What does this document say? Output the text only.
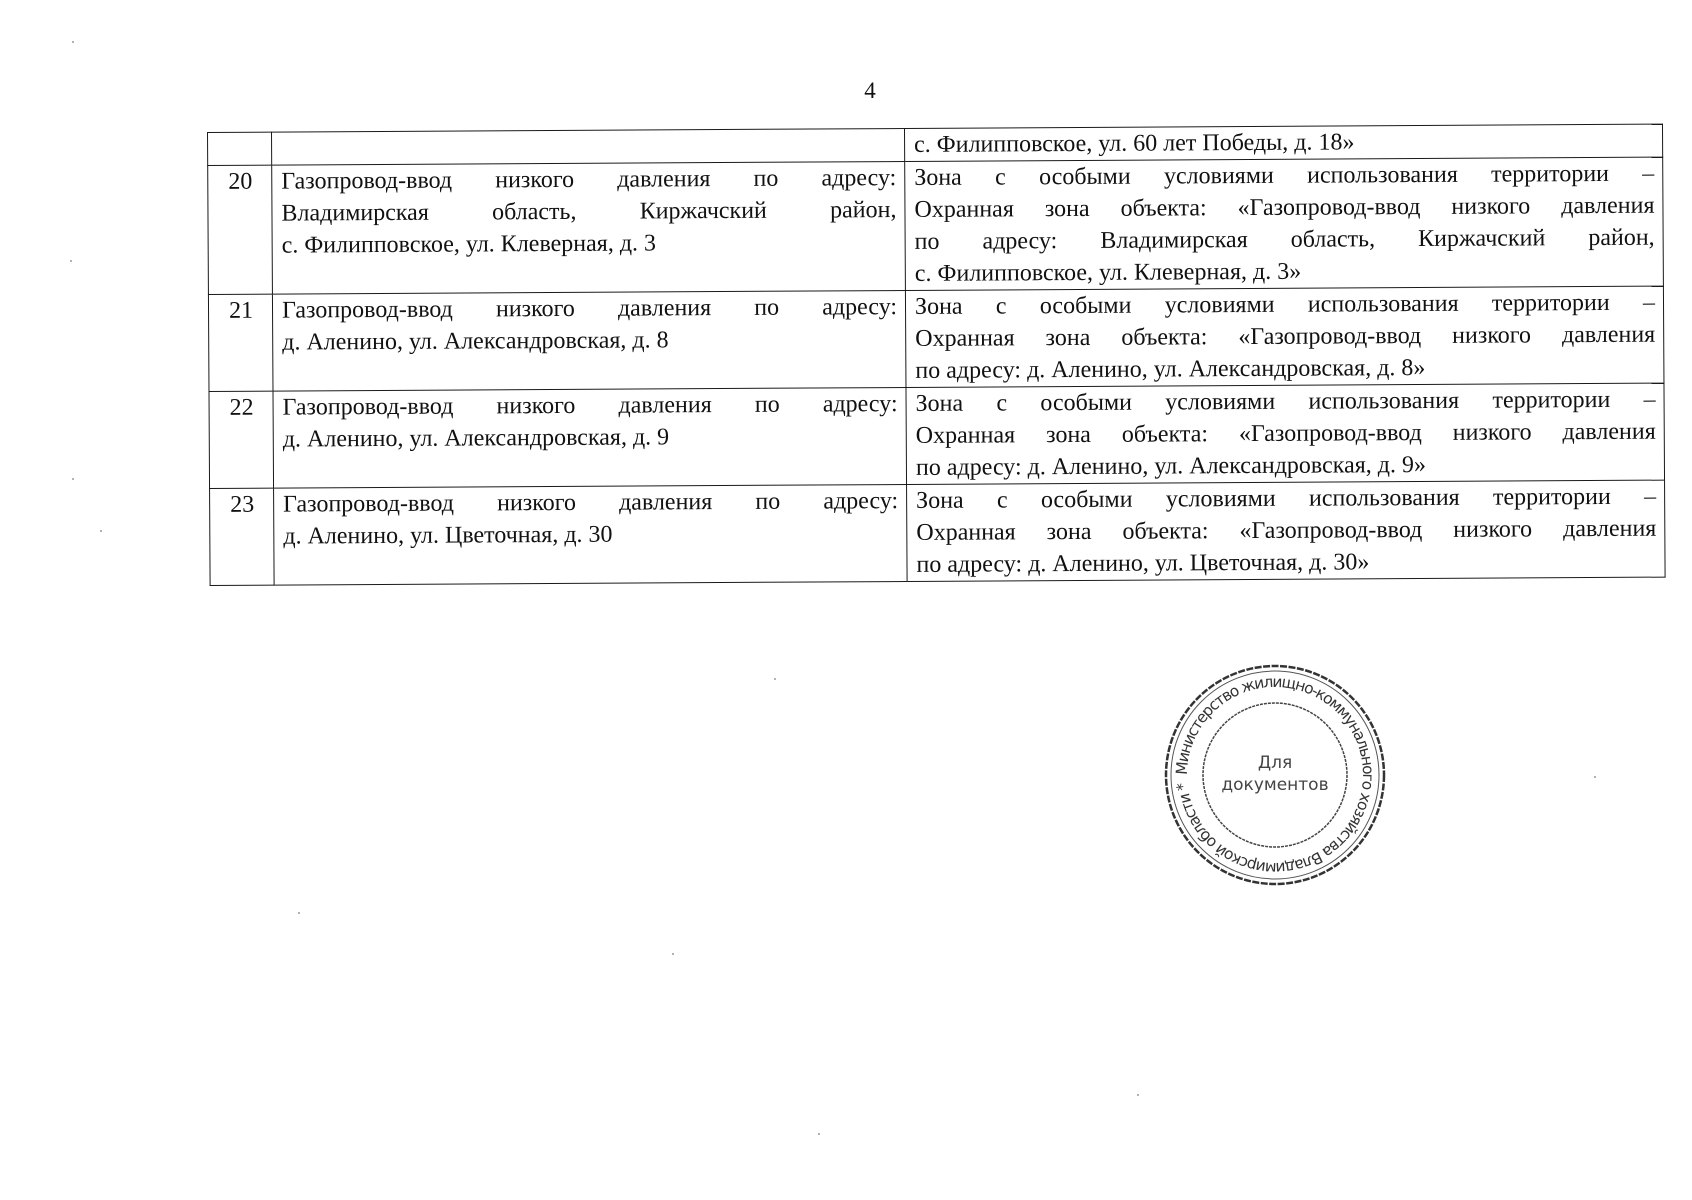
4

		с. Филипповское, ул. 60 лет Победы, д. 18»

20	Газопровод-ввод низкого давления по адресу:
Владимирская область, Киржачский район,
с. Филипповское, ул. Клеверная, д. 3	Зона с особыми условиями использования территории –
Охранная зона объекта: «Газопровод-ввод низкого давления
по адресу: Владимирская область, Киржачский район,
с. Филипповское, ул. Клеверная, д. 3»

21	Газопровод-ввод низкого давления по адресу:
д. Аленино, ул. Александровская, д. 8	Зона с особыми условиями использования территории –
Охранная зона объекта: «Газопровод-ввод низкого давления
по адресу: д. Аленино, ул. Александровская, д. 8»

22	Газопровод-ввод низкого давления по адресу:
д. Аленино, ул. Александровская, д. 9	Зона с особыми условиями использования территории –
Охранная зона объекта: «Газопровод-ввод низкого давления
по адресу: д. Аленино, ул. Александровская, д. 9»

23	Газопровод-ввод низкого давления по адресу:
д. Аленино, ул. Цветочная, д. 30	Зона с особыми условиями использования территории –
Охранная зона объекта: «Газопровод-ввод низкого давления
по адресу: д. Аленино, ул. Цветочная, д. 30»
Министерство жилищно-коммунального хозяйства Владимирской области *
Для
документов
